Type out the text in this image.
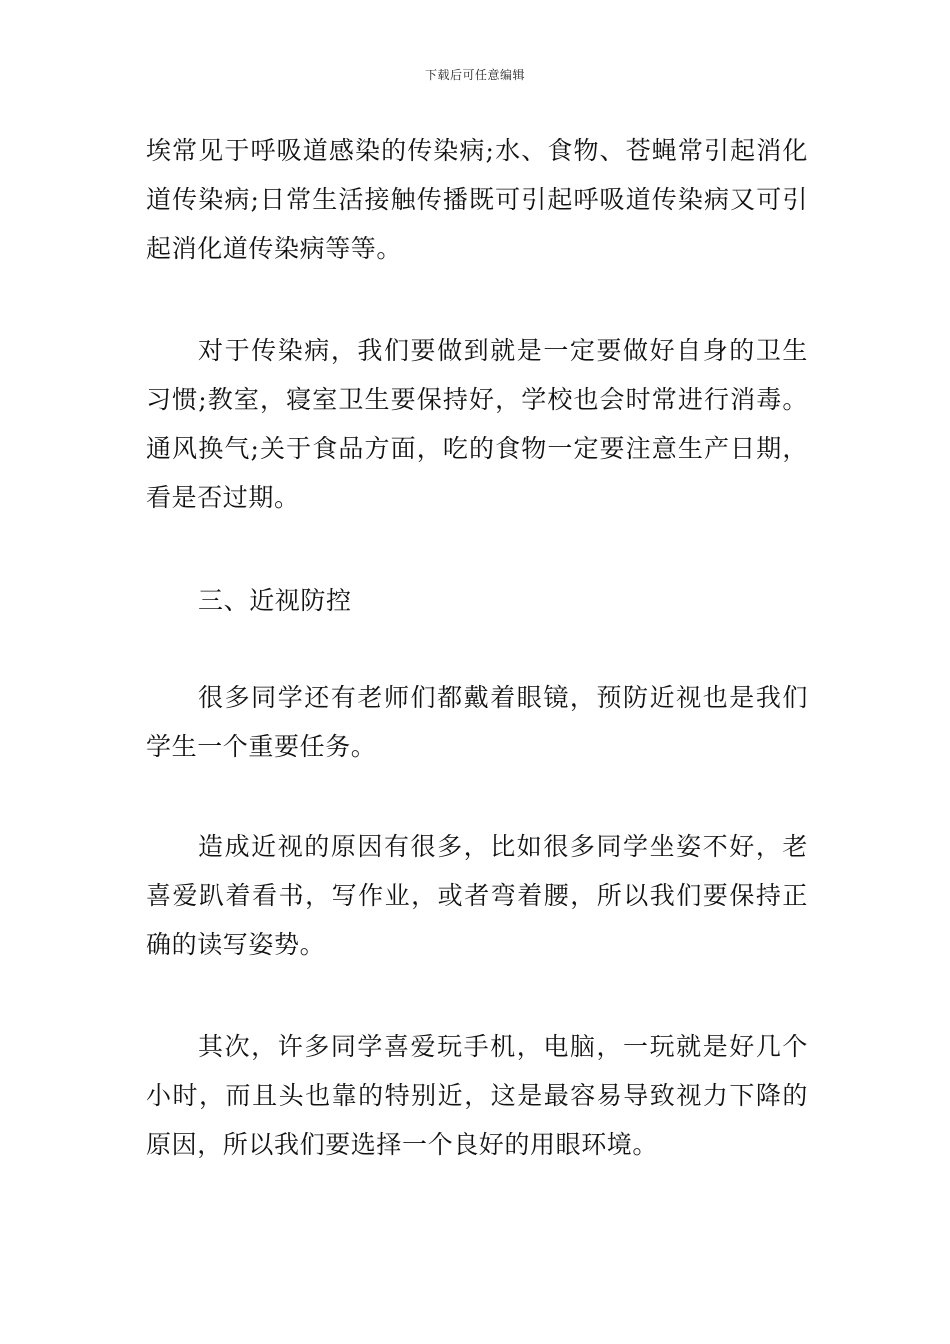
下载后可任意编辑

埃常见于呼吸道感染的传染病;水、食物、苍蝇常引起消化道传染病;日常生活接触传播既可引起呼吸道传染病又可引起消化道传染病等等。

对于传染病，我们要做到就是一定要做好自身的卫生习惯;教室，寝室卫生要保持好，学校也会时常进行消毒。通风换气;关于食品方面，吃的食物一定要注意生产日期，看是否过期。

三、近视防控

很多同学还有老师们都戴着眼镜，预防近视也是我们学生一个重要任务。

造成近视的原因有很多，比如很多同学坐姿不好，老喜爱趴着看书，写作业，或者弯着腰，所以我们要保持正确的读写姿势。

其次，许多同学喜爱玩手机，电脑，一玩就是好几个小时，而且头也靠的特别近，这是最容易导致视力下降的原因，所以我们要选择一个良好的用眼环境。
